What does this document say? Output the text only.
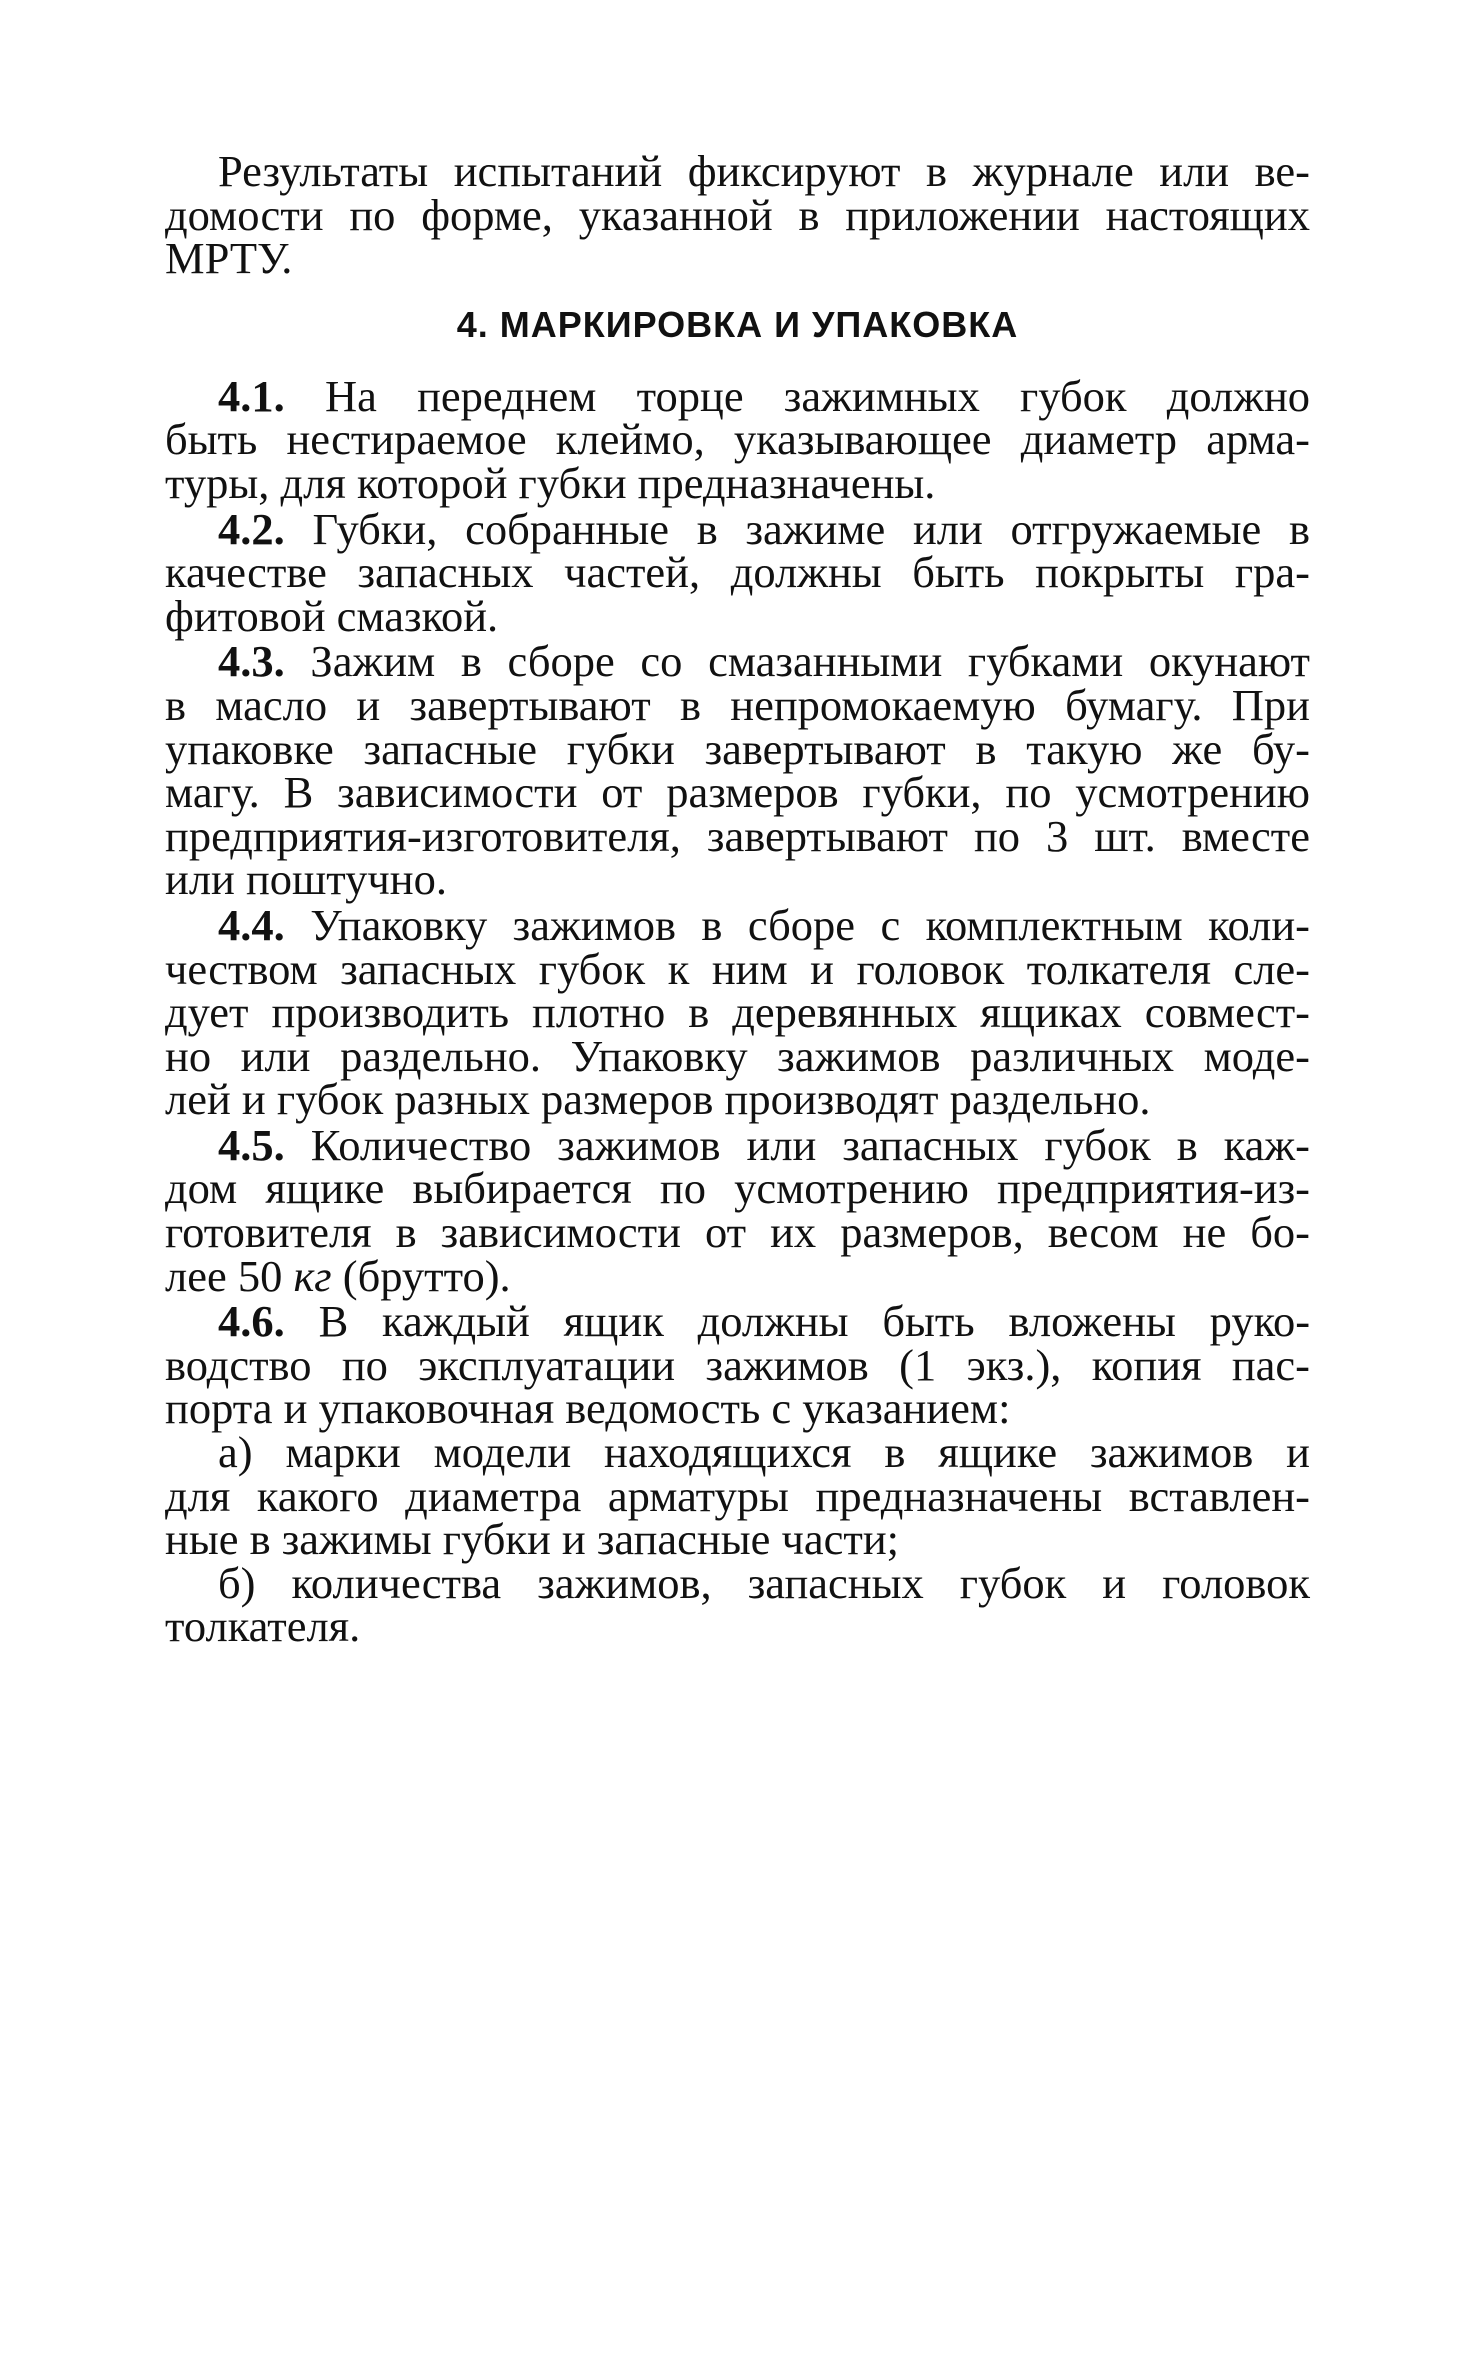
Результаты испытаний фиксируют в журнале или ве-
домости по форме, указанной в приложении настоящих
МРТУ.
4. МАРКИРОВКА И УПАКОВКА
4.1. На переднем торце зажимных губок должно
быть нестираемое клеймо, указывающее диаметр арма-
туры, для которой губки предназначены.
4.2. Губки, собранные в зажиме или отгружаемые в
качестве запасных частей, должны быть покрыты гра-
фитовой смазкой.
4.3. Зажим в сборе со смазанными губками окунают
в масло и завертывают в непромокаемую бумагу. При
упаковке запасные губки завертывают в такую же бу-
магу. В зависимости от размеров губки, по усмотрению
предприятия-изготовителя, завертывают по 3 шт. вместе
или поштучно.
4.4. Упаковку зажимов в сборе с комплектным коли-
чеством запасных губок к ним и головок толкателя сле-
дует производить плотно в деревянных ящиках совмест-
но или раздельно. Упаковку зажимов различных моде-
лей и губок разных размеров производят раздельно.
4.5. Количество зажимов или запасных губок в каж-
дом ящике выбирается по усмотрению предприятия-из-
готовителя в зависимости от их размеров, весом не бо-
лее 50 кг (брутто).
4.6. В каждый ящик должны быть вложены руко-
водство по эксплуатации зажимов (1 экз.), копия пас-
порта и упаковочная ведомость с указанием:
а) марки модели находящихся в ящике зажимов и
для какого диаметра арматуры предназначены вставлен-
ные в зажимы губки и запасные части;
б) количества зажимов, запасных губок и головок
толкателя.
